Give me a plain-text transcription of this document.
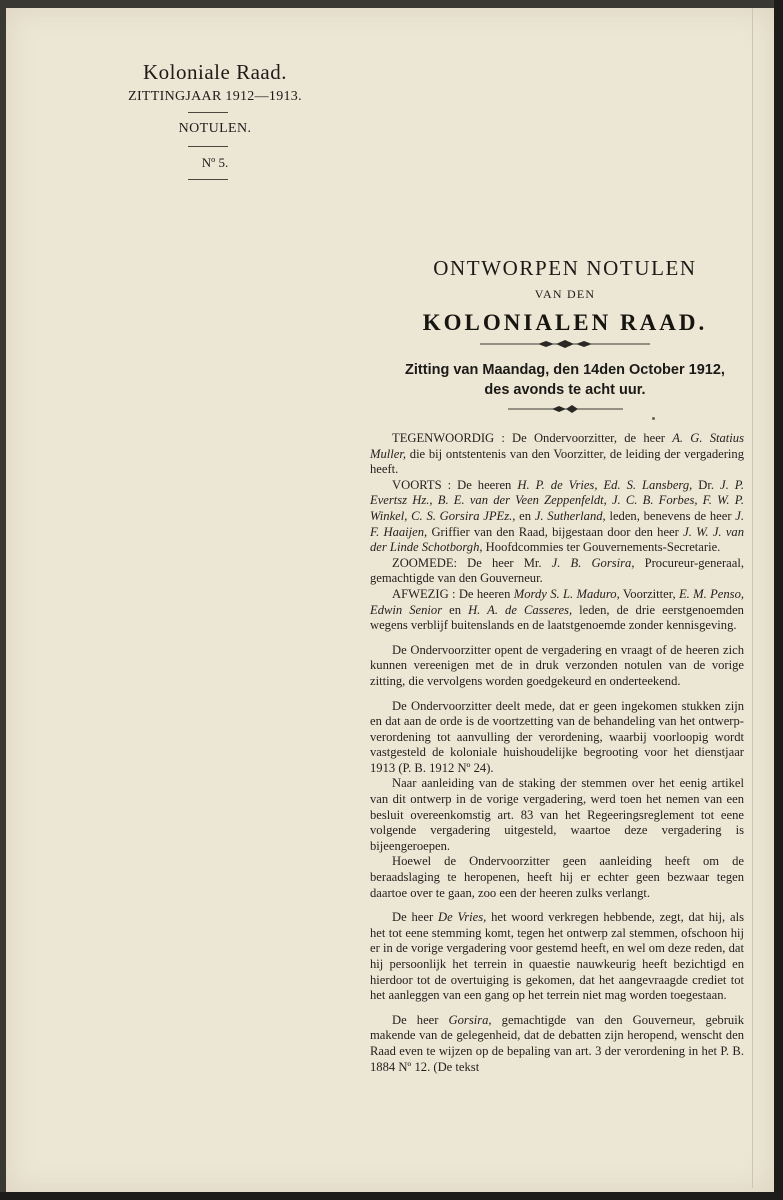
Koloniale Raad.
ZITTINGJAAR 1912—1913.
NOTULEN.
Nº 5.
ONTWORPEN NOTULEN
VAN DEN
KOLONIALEN RAAD.
Zitting van Maandag, den 14den October 1912,
des avonds te acht uur.

TEGENWOORDIG : De Ondervoorzitter, de heer A. G. Statius Muller, die bij ontstentenis van den Voorzitter, de leiding der vergadering heeft.

VOORTS : De heeren H. P. de Vries, Ed. S. Lansberg, Dr. J. P. Evertsz Hz., B. E. van der Veen Zeppenfeldt, J. C. B. Forbes, F. W. P. Winkel, C. S. Gorsira JPEz., en J. Sutherland, leden, benevens de heer J. F. Haaijen, Griffier van den Raad, bijgestaan door den heer J. W. J. van der Linde Schotborgh, Hoofdcommies ter Gouvernements-Secretarie.

ZOOMEDE: De heer Mr. J. B. Gorsira, Procureur-generaal, gemachtigde van den Gouverneur.

AFWEZIG : De heeren Mordy S. L. Maduro, Voorzitter, E. M. Penso, Edwin Senior en H. A. de Casseres, leden, de drie eerstgenoemden wegens verblijf buitenslands en de laatstgenoemde zonder kennisgeving.

De Ondervoorzitter opent de vergadering en vraagt of de heeren zich kunnen vereenigen met de in druk verzonden notulen van de vorige zitting, die vervolgens worden goedgekeurd en onderteekend.

De Ondervoorzitter deelt mede, dat er geen ingekomen stukken zijn en dat aan de orde is de voortzetting van de behandeling van het ontwerp-verordening tot aanvulling der verordening, waarbij voorloopig wordt vastgesteld de koloniale huishoudelijke begrooting voor het dienstjaar 1913 (P. B. 1912 Nº 24).

Naar aanleiding van de staking der stemmen over het eenig artikel van dit ontwerp in de vorige vergadering, werd toen het nemen van een besluit overeenkomstig art. 83 van het Regeeringsreglement tot eene volgende vergadering uitgesteld, waartoe deze vergadering is bijeengeroepen.

Hoewel de Ondervoorzitter geen aanleiding heeft om de beraadslaging te heropenen, heeft hij er echter geen bezwaar tegen daartoe over te gaan, zoo een der heeren zulks verlangt.

De heer De Vries, het woord verkregen hebbende, zegt, dat hij, als het tot eene stemming komt, tegen het ontwerp zal stemmen, ofschoon hij er in de vorige vergadering voor gestemd heeft, en wel om deze reden, dat hij persoonlijk het terrein in quaestie nauwkeurig heeft bezichtigd en hierdoor tot de overtuiging is gekomen, dat het aangevraagde crediet tot het aanleggen van een gang op het terrein niet mag worden toegestaan.

De heer Gorsira, gemachtigde van den Gouverneur, gebruik makende van de gelegenheid, dat de debatten zijn heropend, wenscht den Raad even te wijzen op de bepaling van art. 3 der verordening in het P. B. 1884 Nº 12. (De tekst
